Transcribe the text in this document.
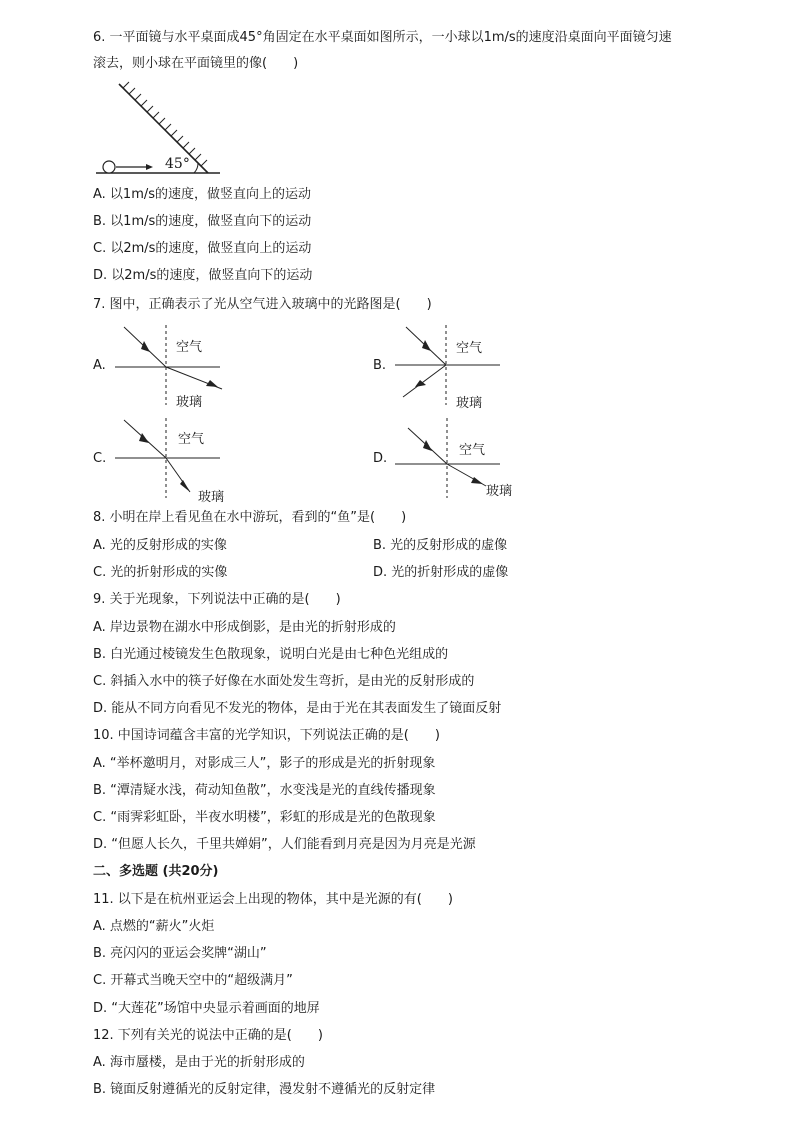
6. 一平面镜与水平桌面成45°角固定在水平桌面如图所示，一小球以1m/s的速度沿桌面向平面镜匀速
滚去，则小球在平面镜里的像(　　)
45°
A. 以1m/s的速度，做竖直向上的运动
B. 以1m/s的速度，做竖直向下的运动
C. 以2m/s的速度，做竖直向上的运动
D. 以2m/s的速度，做竖直向下的运动
7. 图中，正确表示了光从空气进入玻璃中的光路图是(　　)
A.
空气
玻璃
B.
空气
玻璃
C.
空气
玻璃
D.
空气
玻璃
8. 小明在岸上看见鱼在水中游玩，看到的“鱼”是(　　)
A. 光的反射形成的实像	B. 光的反射形成的虚像
C. 光的折射形成的实像	D. 光的折射形成的虚像
9. 关于光现象，下列说法中正确的是(　　)
A. 岸边景物在湖水中形成倒影，是由光的折射形成的
B. 白光通过棱镜发生色散现象，说明白光是由七种色光组成的
C. 斜插入水中的筷子好像在水面处发生弯折，是由光的反射形成的
D. 能从不同方向看见不发光的物体，是由于光在其表面发生了镜面反射
10. 中国诗词蕴含丰富的光学知识，下列说法正确的是(　　)
A. “举杯邀明月，对影成三人”，影子的形成是光的折射现象
B. “潭清疑水浅，荷动知鱼散”，水变浅是光的直线传播现象
C. “雨霁彩虹卧，半夜水明楼”，彩虹的形成是光的色散现象
D. “但愿人长久，千里共婵娟”，人们能看到月亮是因为月亮是光源
二、多选题 (共20分)
11. 以下是在杭州亚运会上出现的物体，其中是光源的有(　　)
A. 点燃的“薪火”火炬
B. 亮闪闪的亚运会奖牌“湖山”
C. 开幕式当晚天空中的“超级满月”
D. “大莲花”场馆中央显示着画面的地屏
12. 下列有关光的说法中正确的是(　　)
A. 海市蜃楼，是由于光的折射形成的
B. 镜面反射遵循光的反射定律，漫发射不遵循光的反射定律
